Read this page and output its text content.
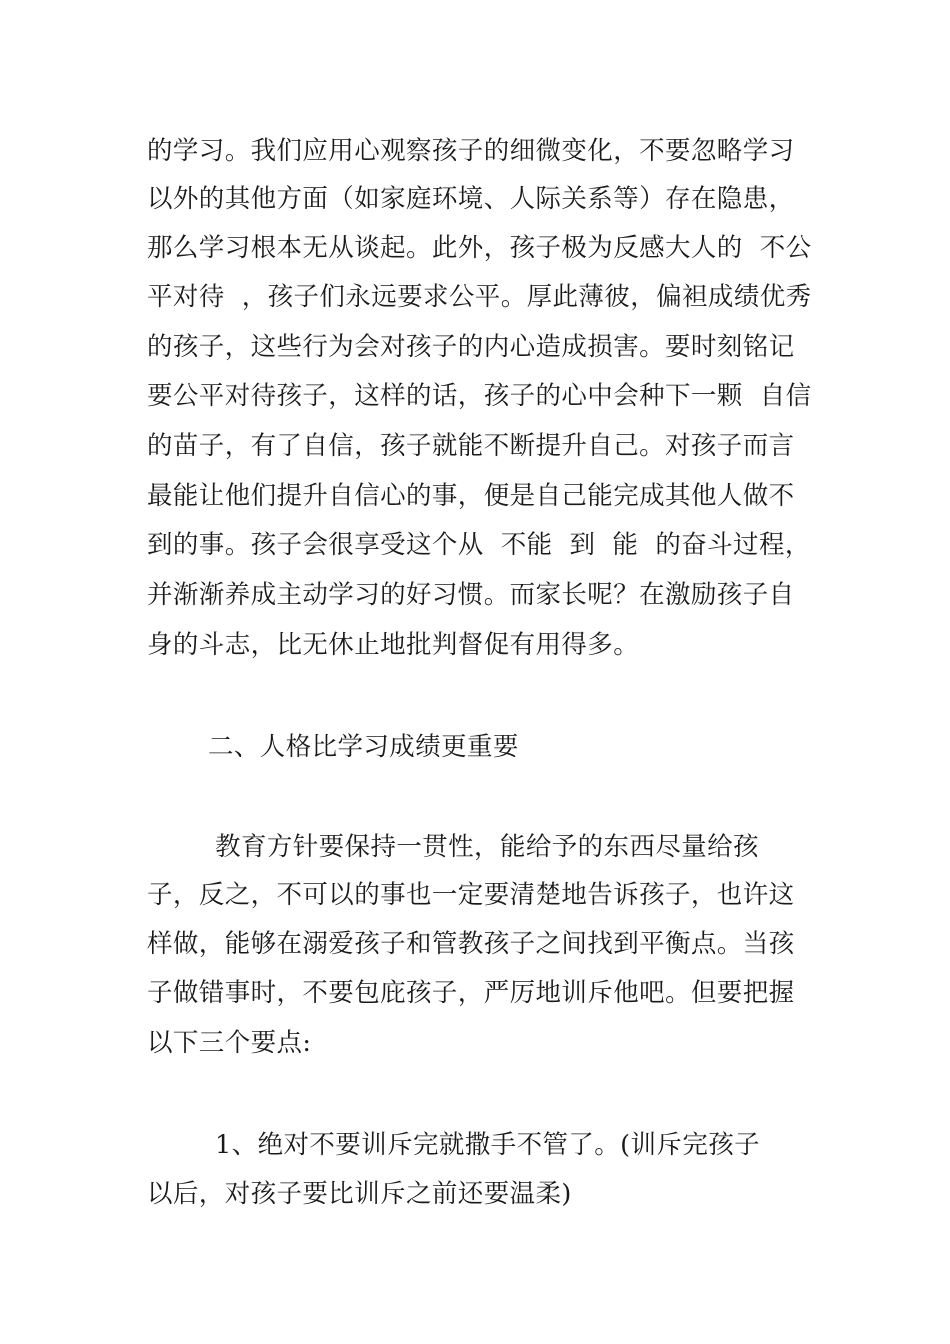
的学习。我们应用心观察孩子的细微变化，不要忽略学习
以外的其他方面（如家庭环境、人际关系等）存在隐患，
那么学习根本无从谈起。此外，孩子极为反感大人的  不公
平对待  ，孩子们永远要求公平。厚此薄彼，偏袒成绩优秀
的孩子，这些行为会对孩子的内心造成损害。要时刻铭记
要公平对待孩子，这样的话，孩子的心中会种下一颗  自信
的苗子，有了自信，孩子就能不断提升自己。对孩子而言
最能让他们提升自信心的事，便是自己能完成其他人做不
到的事。孩子会很享受这个从  不能  到  能  的奋斗过程，
并渐渐养成主动学习的好习惯。而家长呢？在激励孩子自
身的斗志，比无休止地批判督促有用得多。
二、人格比学习成绩更重要
教育方针要保持一贯性，能给予的东西尽量给孩
子，反之，不可以的事也一定要清楚地告诉孩子，也许这
样做，能够在溺爱孩子和管教孩子之间找到平衡点。当孩
子做错事时，不要包庇孩子，严厉地训斥他吧。但要把握
以下三个要点:
1、绝对不要训斥完就撒手不管了。(训斥完孩子
以后，对孩子要比训斥之前还要温柔)
